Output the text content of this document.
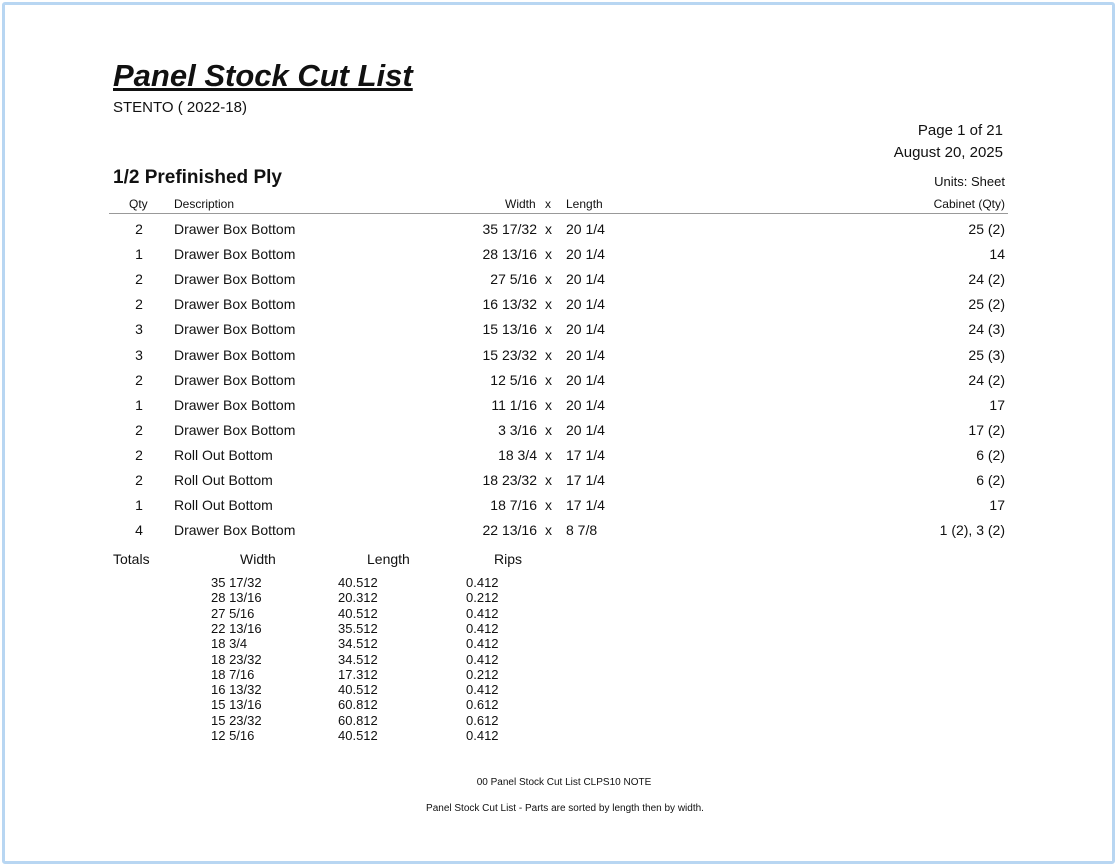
Panel Stock Cut List
STENTO ( 2022-18)
Page 1 of 21
August 20, 2025
1/2 Prefinished Ply	Units: Sheet
Qty Description	Width x Length	Cabinet (Qty)
2	Drawer Box Bottom	35 17/32 x 20 1/4	25 (2)
1	Drawer Box Bottom	28 13/16 x 20 1/4	14
2	Drawer Box Bottom	27 5/16 x 20 1/4	24 (2)
2	Drawer Box Bottom	16 13/32 x 20 1/4	25 (2)
3	Drawer Box Bottom	15 13/16 x 20 1/4	24 (3)
3	Drawer Box Bottom	15 23/32 x 20 1/4	25 (3)
2	Drawer Box Bottom	12 5/16 x 20 1/4	24 (2)
1	Drawer Box Bottom	11 1/16 x 20 1/4	17
2	Drawer Box Bottom	3 3/16 x 20 1/4	17 (2)
2	Roll Out Bottom	18 3/4 x 17 1/4	6 (2)
2	Roll Out Bottom	18 23/32 x 17 1/4	6 (2)
1	Roll Out Bottom	18 7/16 x 17 1/4	17
4	Drawer Box Bottom	22 13/16 x 8 7/8	1 (2), 3 (2)
Totals	Width	Length	Rips
35 17/32	40.512	0.412
28 13/16	20.312	0.212
27 5/16	40.512	0.412
22 13/16	35.512	0.412
18 3/4	34.512	0.412
18 23/32	34.512	0.412
18 7/16	17.312	0.212
16 13/32	40.512	0.412
15 13/16	60.812	0.612
15 23/32	60.812	0.612
12 5/16	40.512	0.412
00 Panel Stock Cut List CLPS10 NOTE
Panel Stock Cut List - Parts are sorted by length then by width.
